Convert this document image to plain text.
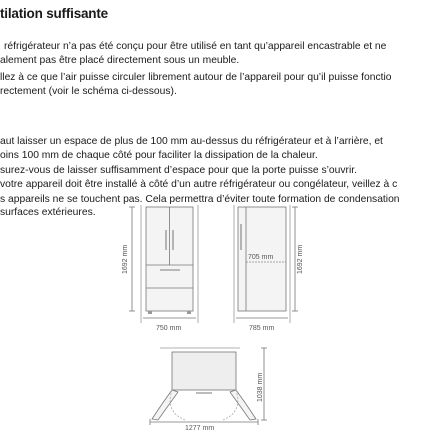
tilation suffisante
réfrigérateur n’a pas été conçu pour être utilisé en tant qu’appareil encastrable et ne
alement pas être placé directement sous un meuble.
llez à ce que l’air puisse circuler librement autour de l’appareil pour qu’il puisse fonctio
rectement (voir le schéma ci-dessous).
aut laisser un espace de plus de 100 mm au-dessus du réfrigérateur et à l’arrière, et
oins 100 mm de chaque côté pour faciliter la dissipation de la chaleur.
surez-vous de laisser suffisamment d’espace pour que la porte puisse s’ouvrir.
votre appareil doit être installé à côté d’un autre réfrigérateur ou congélateur, veillez à c
s appareils ne se touchent pas. Cela permettra d’éviter toute formation de condensation
surfaces extérieures.
1692 mm
750 mm
705 mm	1692 mm
785 mm
1038 mm
1277 mm
